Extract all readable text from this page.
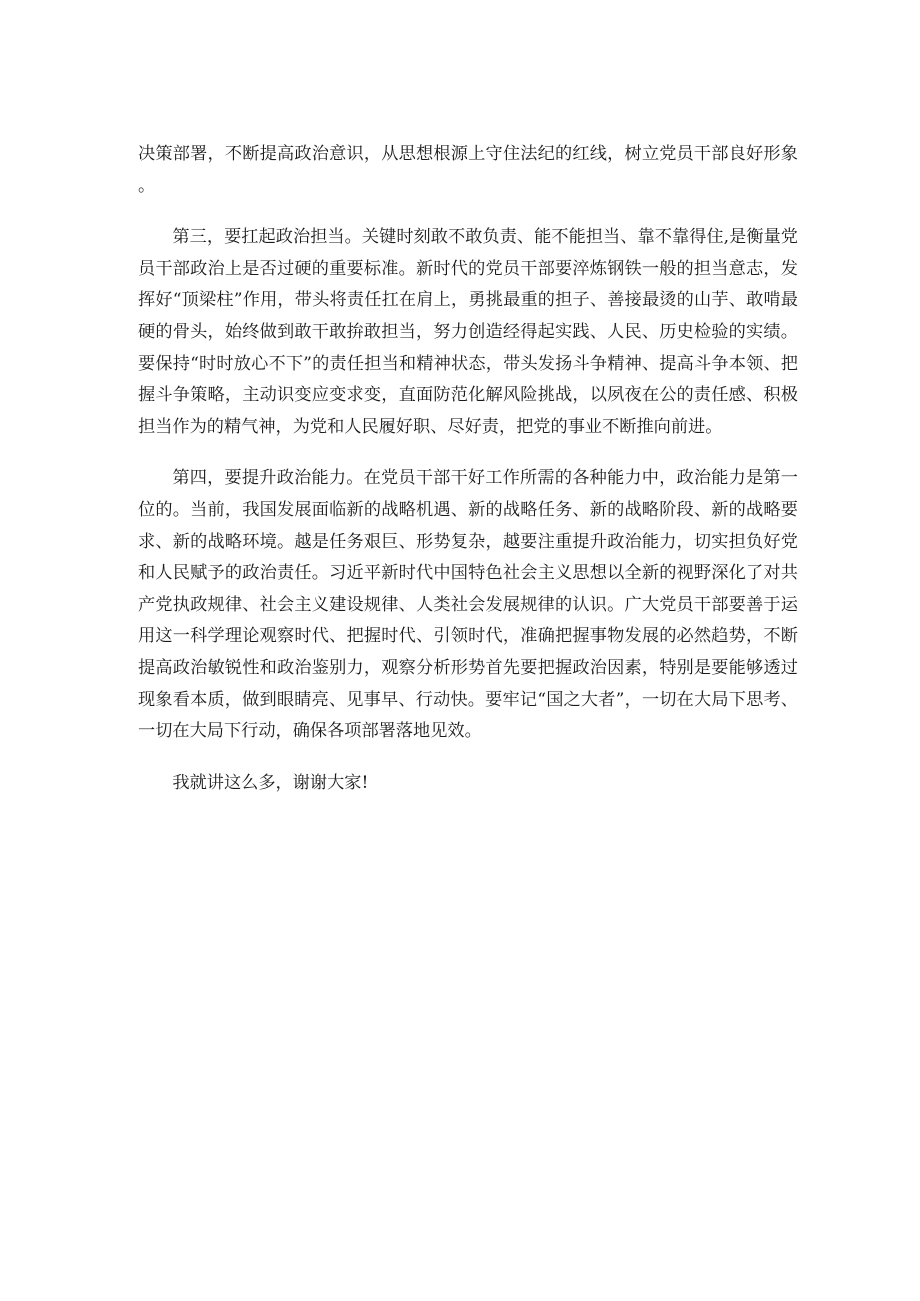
决策部署，不断提高政治意识，从思想根源上守住法纪的红线，树立党员干部良好形象。

第三，要扛起政治担当。关键时刻敢不敢负责、能不能担当、靠不靠得住,是衡量党员干部政治上是否过硬的重要标准。新时代的党员干部要淬炼钢铁一般的担当意志，发挥好“顶梁柱”作用，带头将责任扛在肩上，勇挑最重的担子、善接最烫的山芋、敢啃最硬的骨头，始终做到敢干敢拚敢担当，努力创造经得起实践、人民、历史检验的实绩。要保持“时时放心不下”的责任担当和精神状态，带头发扬斗争精神、提高斗争本领、把握斗争策略，主动识变应变求变，直面防范化解风险挑战，以夙夜在公的责任感、积极担当作为的精气神，为党和人民履好职、尽好责，把党的事业不断推向前进。

第四，要提升政治能力。在党员干部干好工作所需的各种能力中，政治能力是第一位的。当前，我国发展面临新的战略机遇、新的战略任务、新的战略阶段、新的战略要求、新的战略环境。越是任务艰巨、形势复杂，越要注重提升政治能力，切实担负好党和人民赋予的政治责任。习近平新时代中国特色社会主义思想以全新的视野深化了对共产党执政规律、社会主义建设规律、人类社会发展规律的认识。广大党员干部要善于运用这一科学理论观察时代、把握时代、引领时代，准确把握事物发展的必然趋势，不断提高政治敏锐性和政治鉴别力，观察分析形势首先要把握政治因素，特别是要能够透过现象看本质，做到眼睛亮、见事早、行动快。要牢记“国之大者”，一切在大局下思考、一切在大局下行动，确保各项部署落地见效。

我就讲这么多，谢谢大家!
